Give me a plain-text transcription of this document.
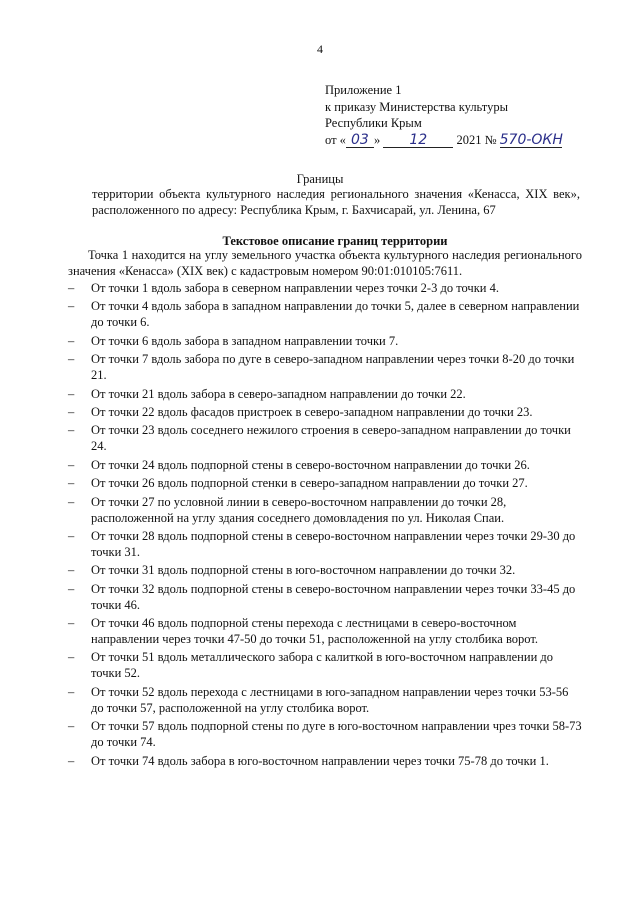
4
Приложение 1
к приказу Министерства культуры
Республики Крым
от « 03 » 12 2021 № 570-ОКН
Границы
территории объекта культурного наследия регионального значения «Кенасса, XIX век», расположенного по адресу: Республика Крым, г. Бахчисарай, ул. Ленина, 67
Текстовое описание границ территории
Точка 1 находится на углу земельного участка объекта культурного наследия регионального значения «Кенасса» (XIX век) с кадастровым номером 90:01:010105:7611.
– От точки 1 вдоль забора в северном направлении через точки 2-3 до точки 4.
– От точки 4 вдоль забора в западном направлении до точки 5, далее в северном направлении до точки 6.
– От точки 6 вдоль забора в западном направлении точки 7.
– От точки 7 вдоль забора по дуге в северо-западном направлении через точки 8-20 до точки 21.
– От точки 21 вдоль забора в северо-западном направлении до точки 22.
– От точки 22 вдоль фасадов пристроек в северо-западном направлении до точки 23.
– От точки 23 вдоль соседнего нежилого строения в северо-западном направлении до точки 24.
– От точки 24 вдоль подпорной стены в северо-восточном направлении до точки 26.
– От точки 26 вдоль подпорной стенки в северо-западном направлении до точки 27.
– От точки 27 по условной линии в северо-восточном направлении до точки 28, расположенной на углу здания соседнего домовладения по ул. Николая Спаи.
– От точки 28 вдоль подпорной стены в северо-восточном направлении через точки 29-30 до точки 31.
– От точки 31 вдоль подпорной стены в юго-восточном направлении до точки 32.
– От точки 32 вдоль подпорной стены в северо-восточном направлении через точки 33-45 до точки 46.
– От точки 46 вдоль подпорной стены перехода с лестницами в северо-восточном направлении через точки 47-50 до точки 51, расположенной на углу столбика ворот.
– От точки 51 вдоль металлического забора с калиткой в юго-восточном направлении до точки 52.
– От точки 52 вдоль перехода с лестницами в юго-западном направлении через точки 53-56 до точки 57, расположенной на углу столбика ворот.
– От точки 57 вдоль подпорной стены по дуге в юго-восточном направлении чрез точки 58-73 до точки 74.
– От точки 74 вдоль забора в юго-восточном направлении через точки 75-78 до точки 1.
